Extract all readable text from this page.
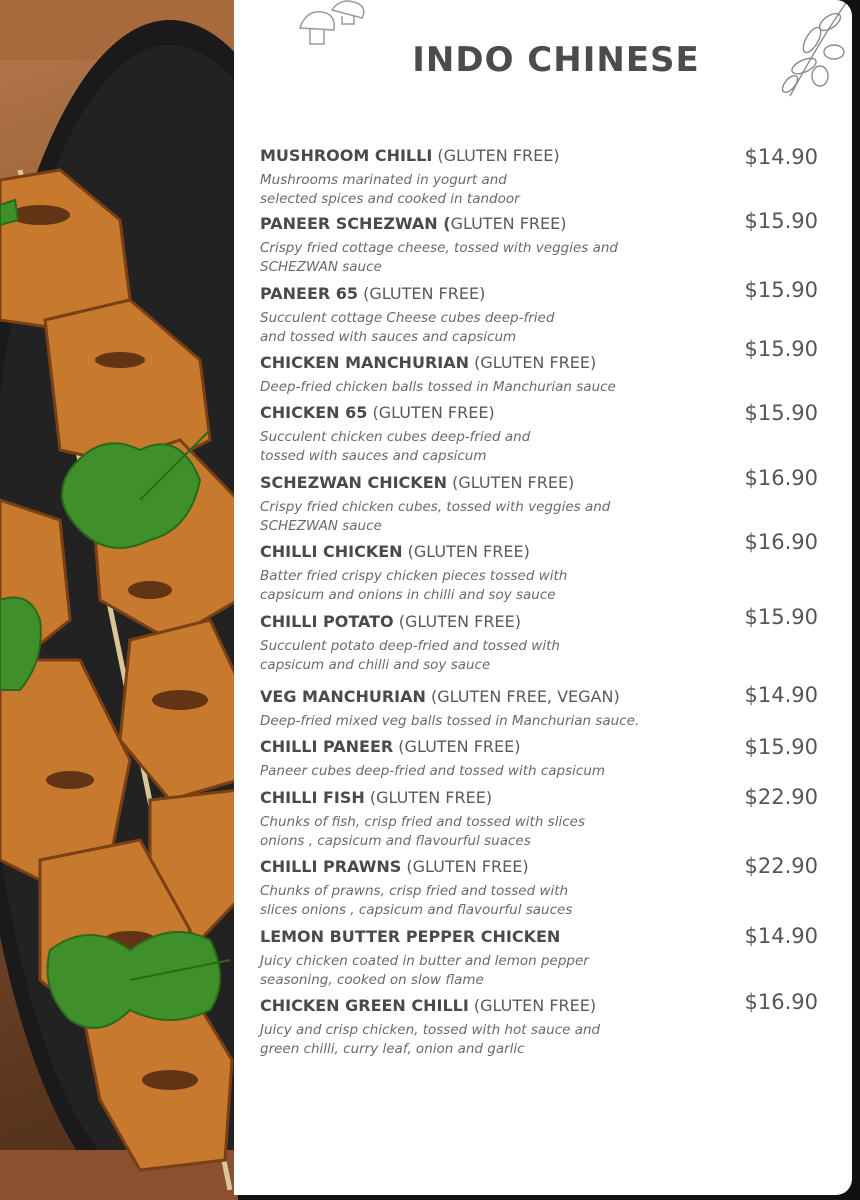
INDO CHINESE
MUSHROOM CHILLI (GLUTEN FREE)
Mushrooms marinated in yogurt and
selected spices and cooked in tandoor
$14.90
PANEER SCHEZWAN (GLUTEN FREE)
Crispy fried cottage cheese, tossed with veggies and
SCHEZWAN sauce
$15.90
PANEER 65 (GLUTEN FREE)
Succulent cottage Cheese cubes deep-fried
and tossed with sauces and capsicum
$15.90
CHICKEN MANCHURIAN (GLUTEN FREE)
Deep-fried chicken balls tossed in Manchurian sauce
$15.90
CHICKEN 65 (GLUTEN FREE)
Succulent chicken cubes deep-fried and
tossed with sauces and capsicum
$15.90
SCHEZWAN CHICKEN (GLUTEN FREE)
Crispy fried chicken cubes, tossed with veggies and
SCHEZWAN sauce
$16.90
CHILLI CHICKEN (GLUTEN FREE)
Batter fried crispy chicken pieces tossed with
capsicum and onions in chilli and soy sauce
$16.90
CHILLI POTATO (GLUTEN FREE)
Succulent potato deep-fried and tossed with
capsicum and chilli and soy sauce
$15.90
VEG MANCHURIAN (GLUTEN FREE, VEGAN)
Deep-fried mixed veg balls tossed in Manchurian sauce.
$14.90
CHILLI PANEER (GLUTEN FREE)
Paneer cubes deep-fried and tossed with capsicum
$15.90
CHILLI FISH (GLUTEN FREE)
Chunks of fish, crisp fried and tossed with slices
onions , capsicum and flavourful suaces
$22.90
CHILLI PRAWNS (GLUTEN FREE)
Chunks of prawns, crisp fried and tossed with
slices onions , capsicum and flavourful sauces
$22.90
LEMON BUTTER PEPPER CHICKEN
Juicy chicken coated in butter and lemon pepper
seasoning, cooked on slow flame
$14.90
CHICKEN GREEN CHILLI (GLUTEN FREE)
Juicy and crisp chicken, tossed with hot sauce and
green chilli, curry leaf, onion and garlic
$16.90
